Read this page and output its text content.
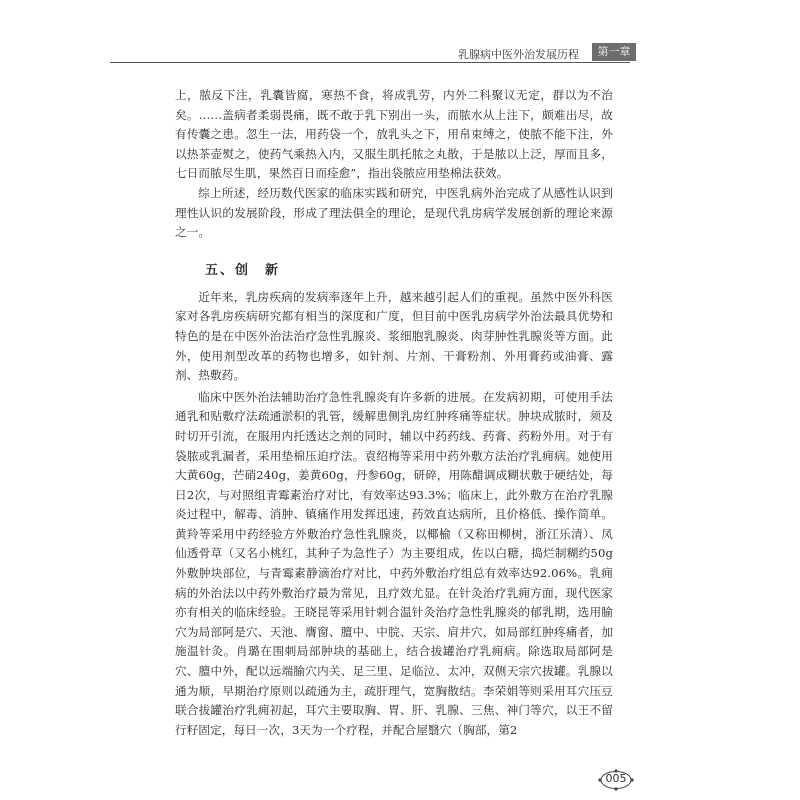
乳腺病中医外治发展历程	第一章

上，脓反下注，乳囊皆腐，寒热不食，将成乳劳，内外二科聚议无定，群以为不治矣。……盖病者柔弱畏痛，既不敢于乳下别出一头，而脓水从上注下，颇难出尽，故有传囊之患。忽生一法，用药袋一个，放乳头之下，用帛束缚之，使脓不能下注，外以热茶壶熨之，使药气乘热入内，又服生肌托脓之丸散，于是脓以上泛，厚而且多，七日而脓尽生肌，果然百日而痊愈”，指出袋脓应用垫棉法获效。

综上所述，经历数代医家的临床实践和研究，中医乳病外治完成了从感性认识到理性认识的发展阶段，形成了理法俱全的理论，是现代乳房病学发展创新的理论来源之一。

五、创　新

近年来，乳房疾病的发病率逐年上升，越来越引起人们的重视。虽然中医外科医家对各乳房疾病研究都有相当的深度和广度，但目前中医乳房病学外治法最具优势和特色的是在中医外治法治疗急性乳腺炎、浆细胞乳腺炎、肉芽肿性乳腺炎等方面。此外，使用剂型改革的药物也增多，如针剂、片剂、干膏粉剂、外用膏药或油膏、露剂、热敷药。

临床中医外治法辅助治疗急性乳腺炎有许多新的进展。在发病初期，可使用手法通乳和贴敷疗法疏通淤积的乳管，缓解患侧乳房红肿疼痛等症状。肿块成脓时，须及时切开引流，在服用内托透达之剂的同时，辅以中药药线、药膏、药粉外用。对于有袋脓或乳漏者，采用垫棉压迫疗法。袁绍梅等采用中药外敷方法治疗乳痈病。她使用大黄60g，芒硝240g，姜黄60g，丹参60g，研碎，用陈醋调成糊状敷于硬结处，每日2次，与对照组青霉素治疗对比，有效率达93.3%；临床上，此外敷方在治疗乳腺炎过程中，解毒、消肿、镇痛作用发挥迅速，药效直达病所，且价格低、操作简单。黄羚等采用中药经验方外敷治疗急性乳腺炎，以椰榆（又称田柳树，浙江乐清）、凤仙透骨草（又名小桃红，其种子为急性子）为主要组成，佐以白糖，捣烂制糊约50g外敷肿块部位，与青霉素静滴治疗对比，中药外敷治疗组总有效率达92.06%。乳痈病的外治法以中药外敷治疗最为常见，且疗效尤显。在针灸治疗乳痈方面，现代医家亦有相关的临床经验。王晓昆等采用针刺合温针灸治疗急性乳腺炎的郁乳期，选用腧穴为局部阿是穴、天池、膺窗、膻中、中脘、天宗、肩井穴，如局部红肿疼痛者，加施温针灸。肖璐在围刺局部肿块的基础上，结合拔罐治疗乳痈病。除选取局部阿是穴、膻中外，配以远端腧穴内关、足三里、足临泣、太冲，双侧天宗穴拔罐。乳腺以通为顺，早期治疗原则以疏通为主，疏肝理气，宽胸散结。李荣娟等则采用耳穴压豆联合拔罐治疗乳痈初起，耳穴主要取胸、胃、肝、乳腺、三焦、神门等穴，以王不留行籽固定，每日一次，3天为一个疗程，并配合屋翳穴（胸部，第2

005
